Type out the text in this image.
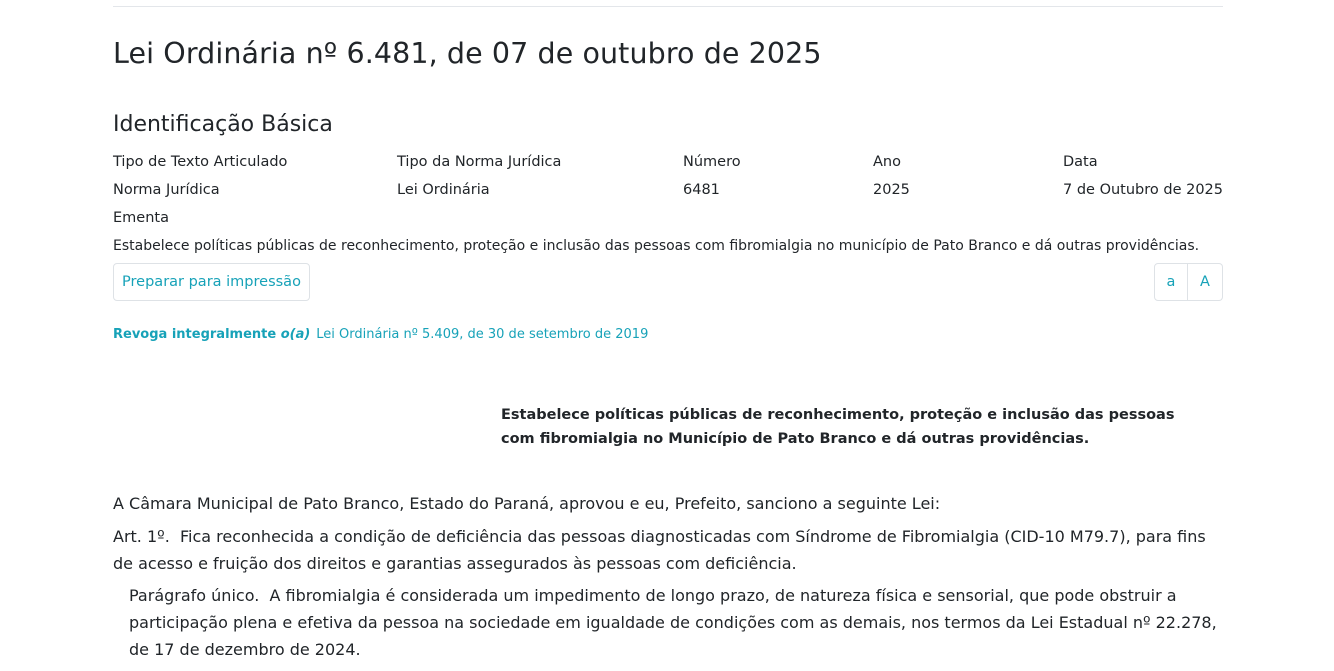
Lei Ordinária nº 6.481, de 07 de outubro de 2025
Identificação Básica
Tipo de Texto Articulado	Tipo da Norma Jurídica	Número	Ano	Data
Norma Jurídica	Lei Ordinária	6481	2025	7 de Outubro de 2025
Ementa
Estabelece políticas públicas de reconhecimento, proteção e inclusão das pessoas com fibromialgia no município de Pato Branco e dá outras providências.
Preparar para impressão	a	A
Revoga integralmente o(a) Lei Ordinária nº 5.409, de 30 de setembro de 2019
Estabelece políticas públicas de reconhecimento, proteção e inclusão das pessoas com fibromialgia no Município de Pato Branco e dá outras providências.
A Câmara Municipal de Pato Branco, Estado do Paraná, aprovou e eu, Prefeito, sanciono a seguinte Lei:
Art. 1º. Fica reconhecida a condição de deficiência das pessoas diagnosticadas com Síndrome de Fibromialgia (CID-10 M79.7), para fins de acesso e fruição dos direitos e garantias assegurados às pessoas com deficiência.
Parágrafo único. A fibromialgia é considerada um impedimento de longo prazo, de natureza física e sensorial, que pode obstruir a participação plena e efetiva da pessoa na sociedade em igualdade de condições com as demais, nos termos da Lei Estadual nº 22.278, de 17 de dezembro de 2024.
